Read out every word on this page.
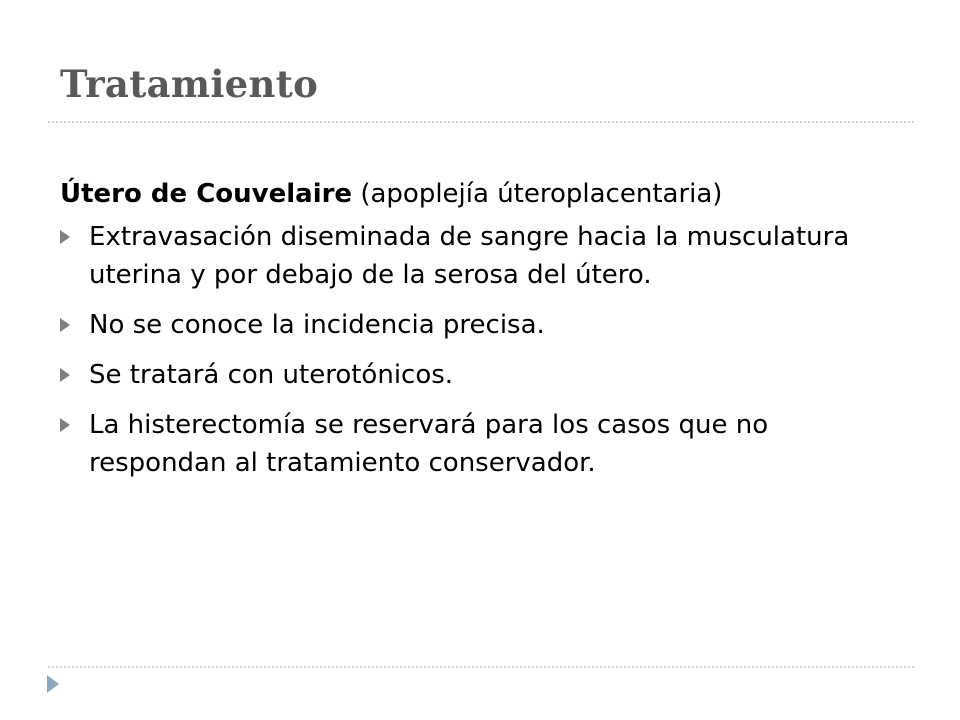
Tratamiento

Útero de Couvelaire (apoplejía úteroplacentaria)

Extravasación diseminada de sangre hacia la musculatura uterina y por debajo de la serosa del útero.
No se conoce la incidencia precisa.
Se tratará con uterotónicos.
La histerectomía se reservará para los casos que no respondan al tratamiento conservador.
